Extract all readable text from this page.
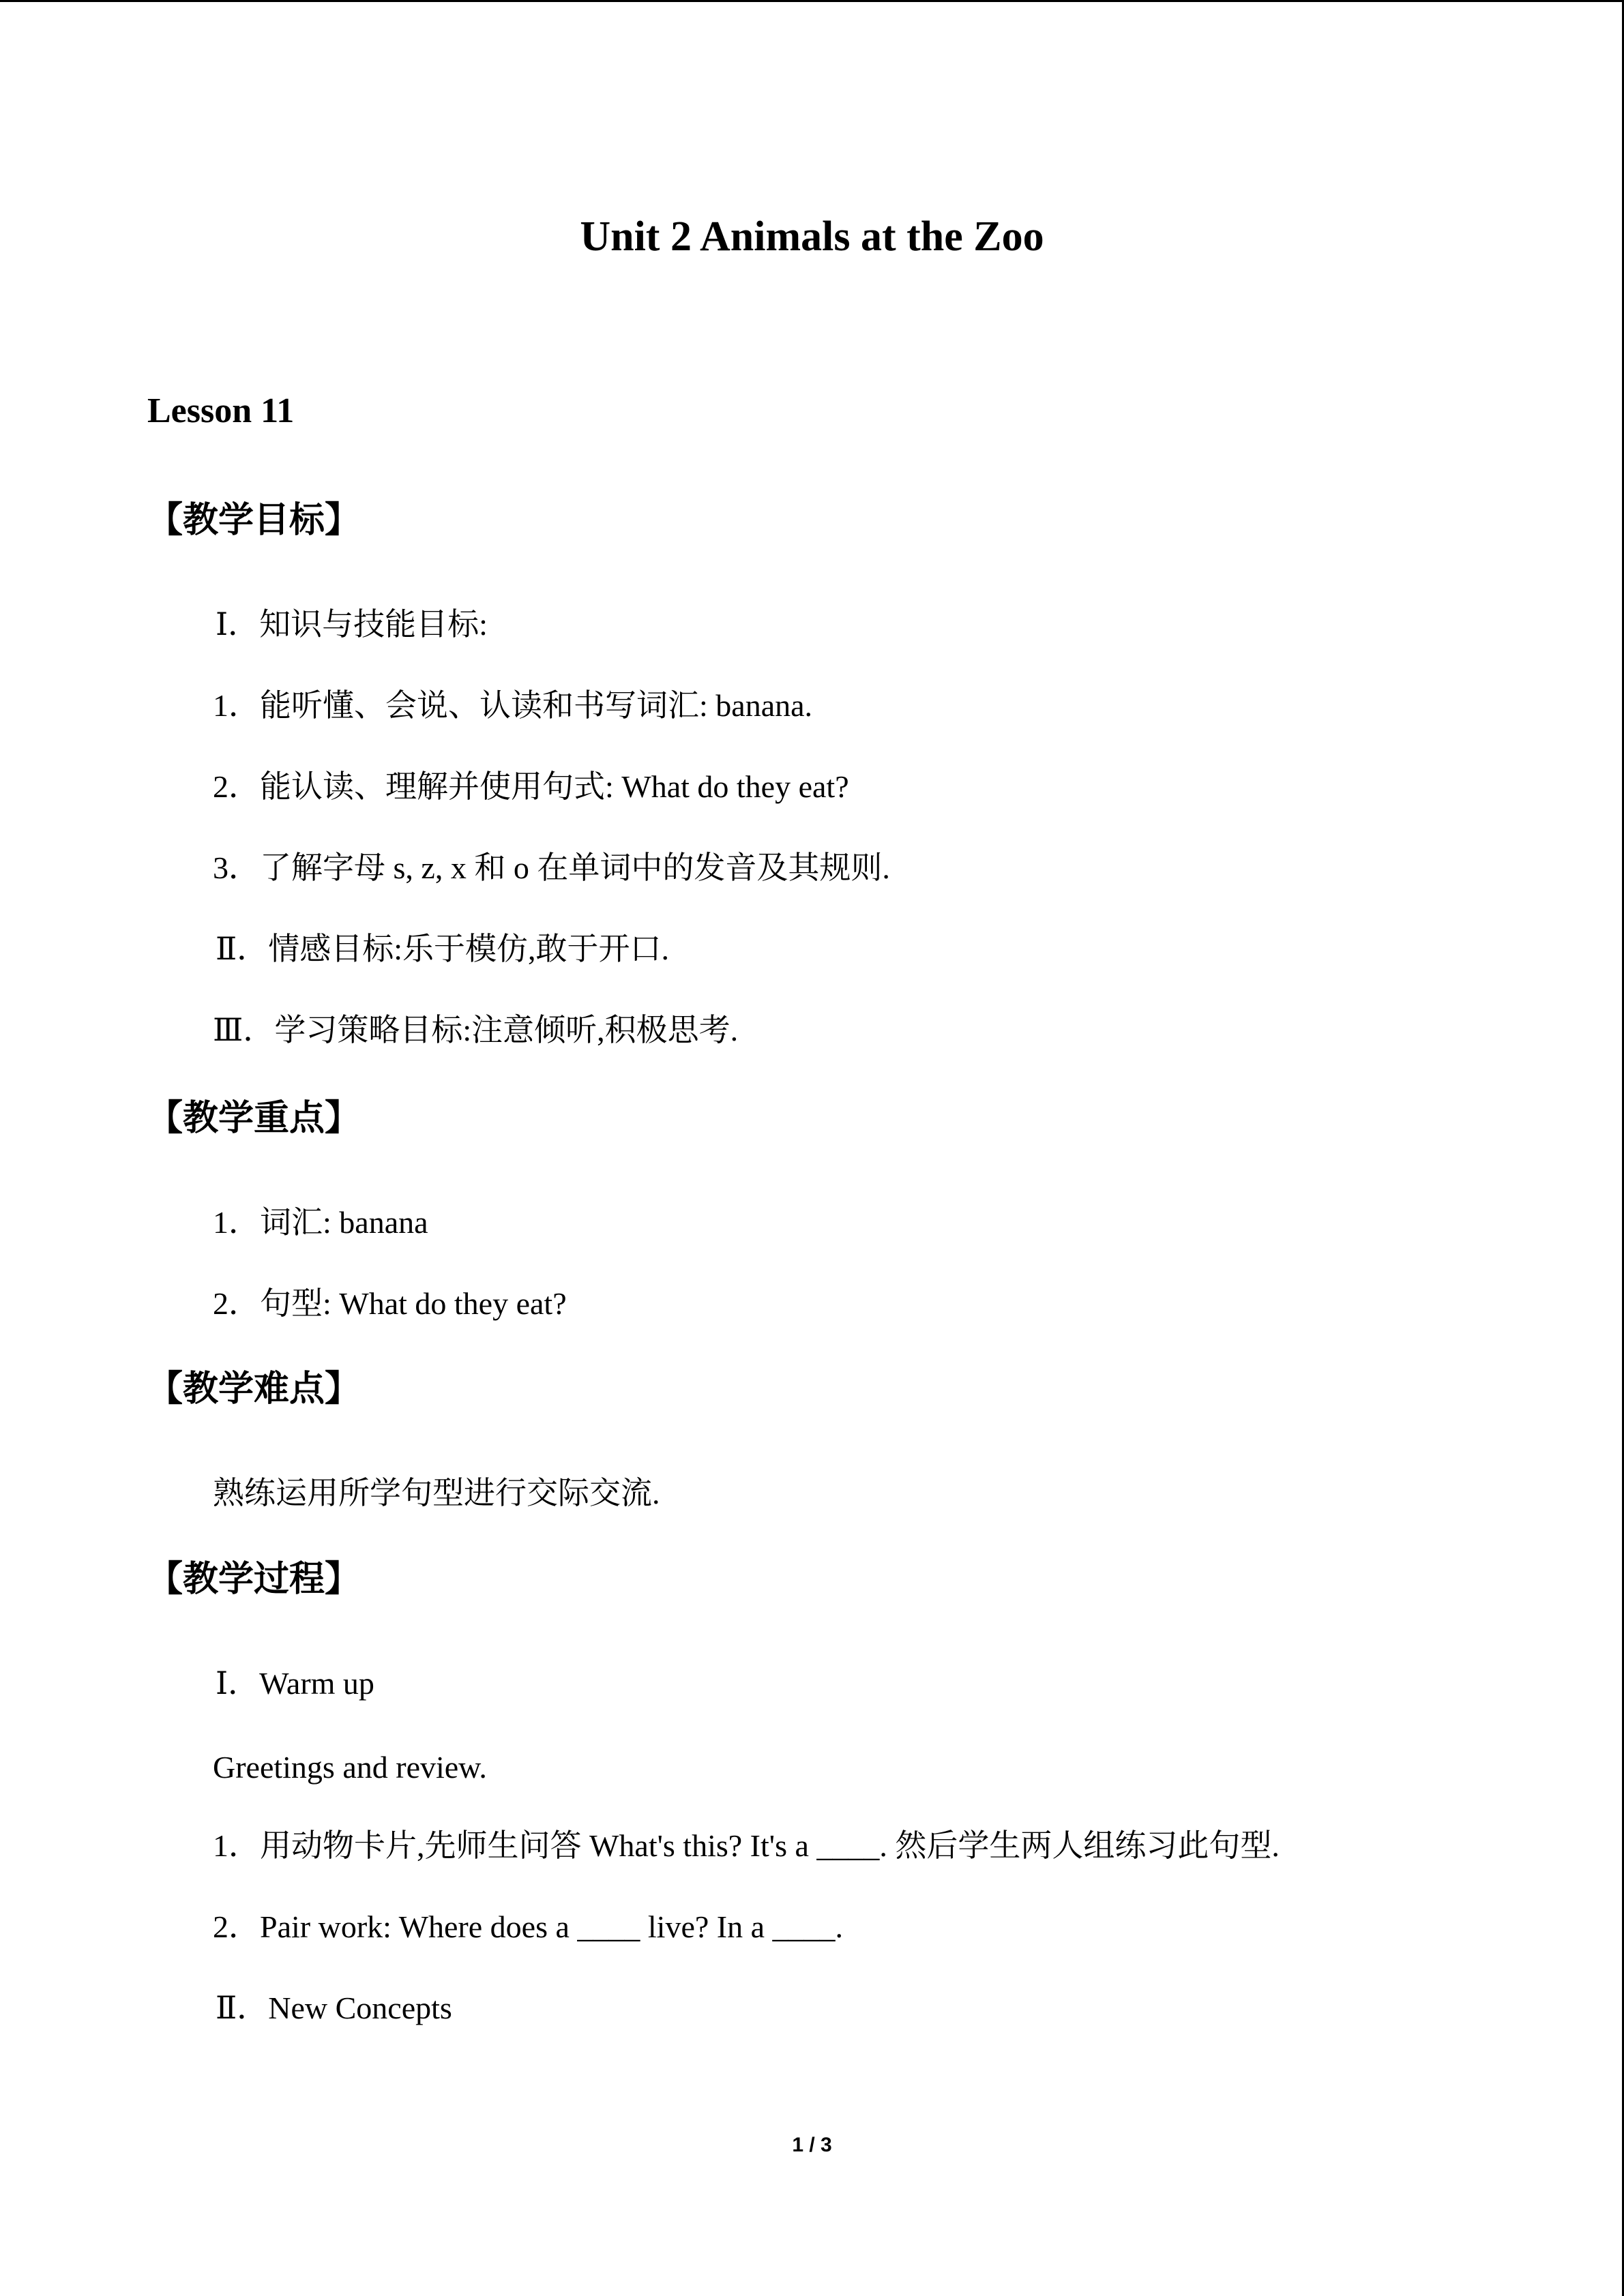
Unit 2 Animals at the Zoo
Lesson 11
【教学目标】
Ⅰ．知识与技能目标:
1．能听懂、会说、认读和书写词汇: banana.
2．能认读、理解并使用句式: What do they eat?
3．了解字母 s, z, x 和 o 在单词中的发音及其规则.
Ⅱ．情感目标:乐于模仿,敢于开口.
Ⅲ．学习策略目标:注意倾听,积极思考.
【教学重点】
1．词汇: banana
2．句型: What do they eat?
【教学难点】
熟练运用所学句型进行交际交流.
【教学过程】
Ⅰ．Warm up
Greetings and review.
1．用动物卡片,先师生问答 What's this? It's a ____. 然后学生两人组练习此句型.
2．Pair work: Where does a ____ live? In a ____.
Ⅱ．New Concepts
1 / 3
